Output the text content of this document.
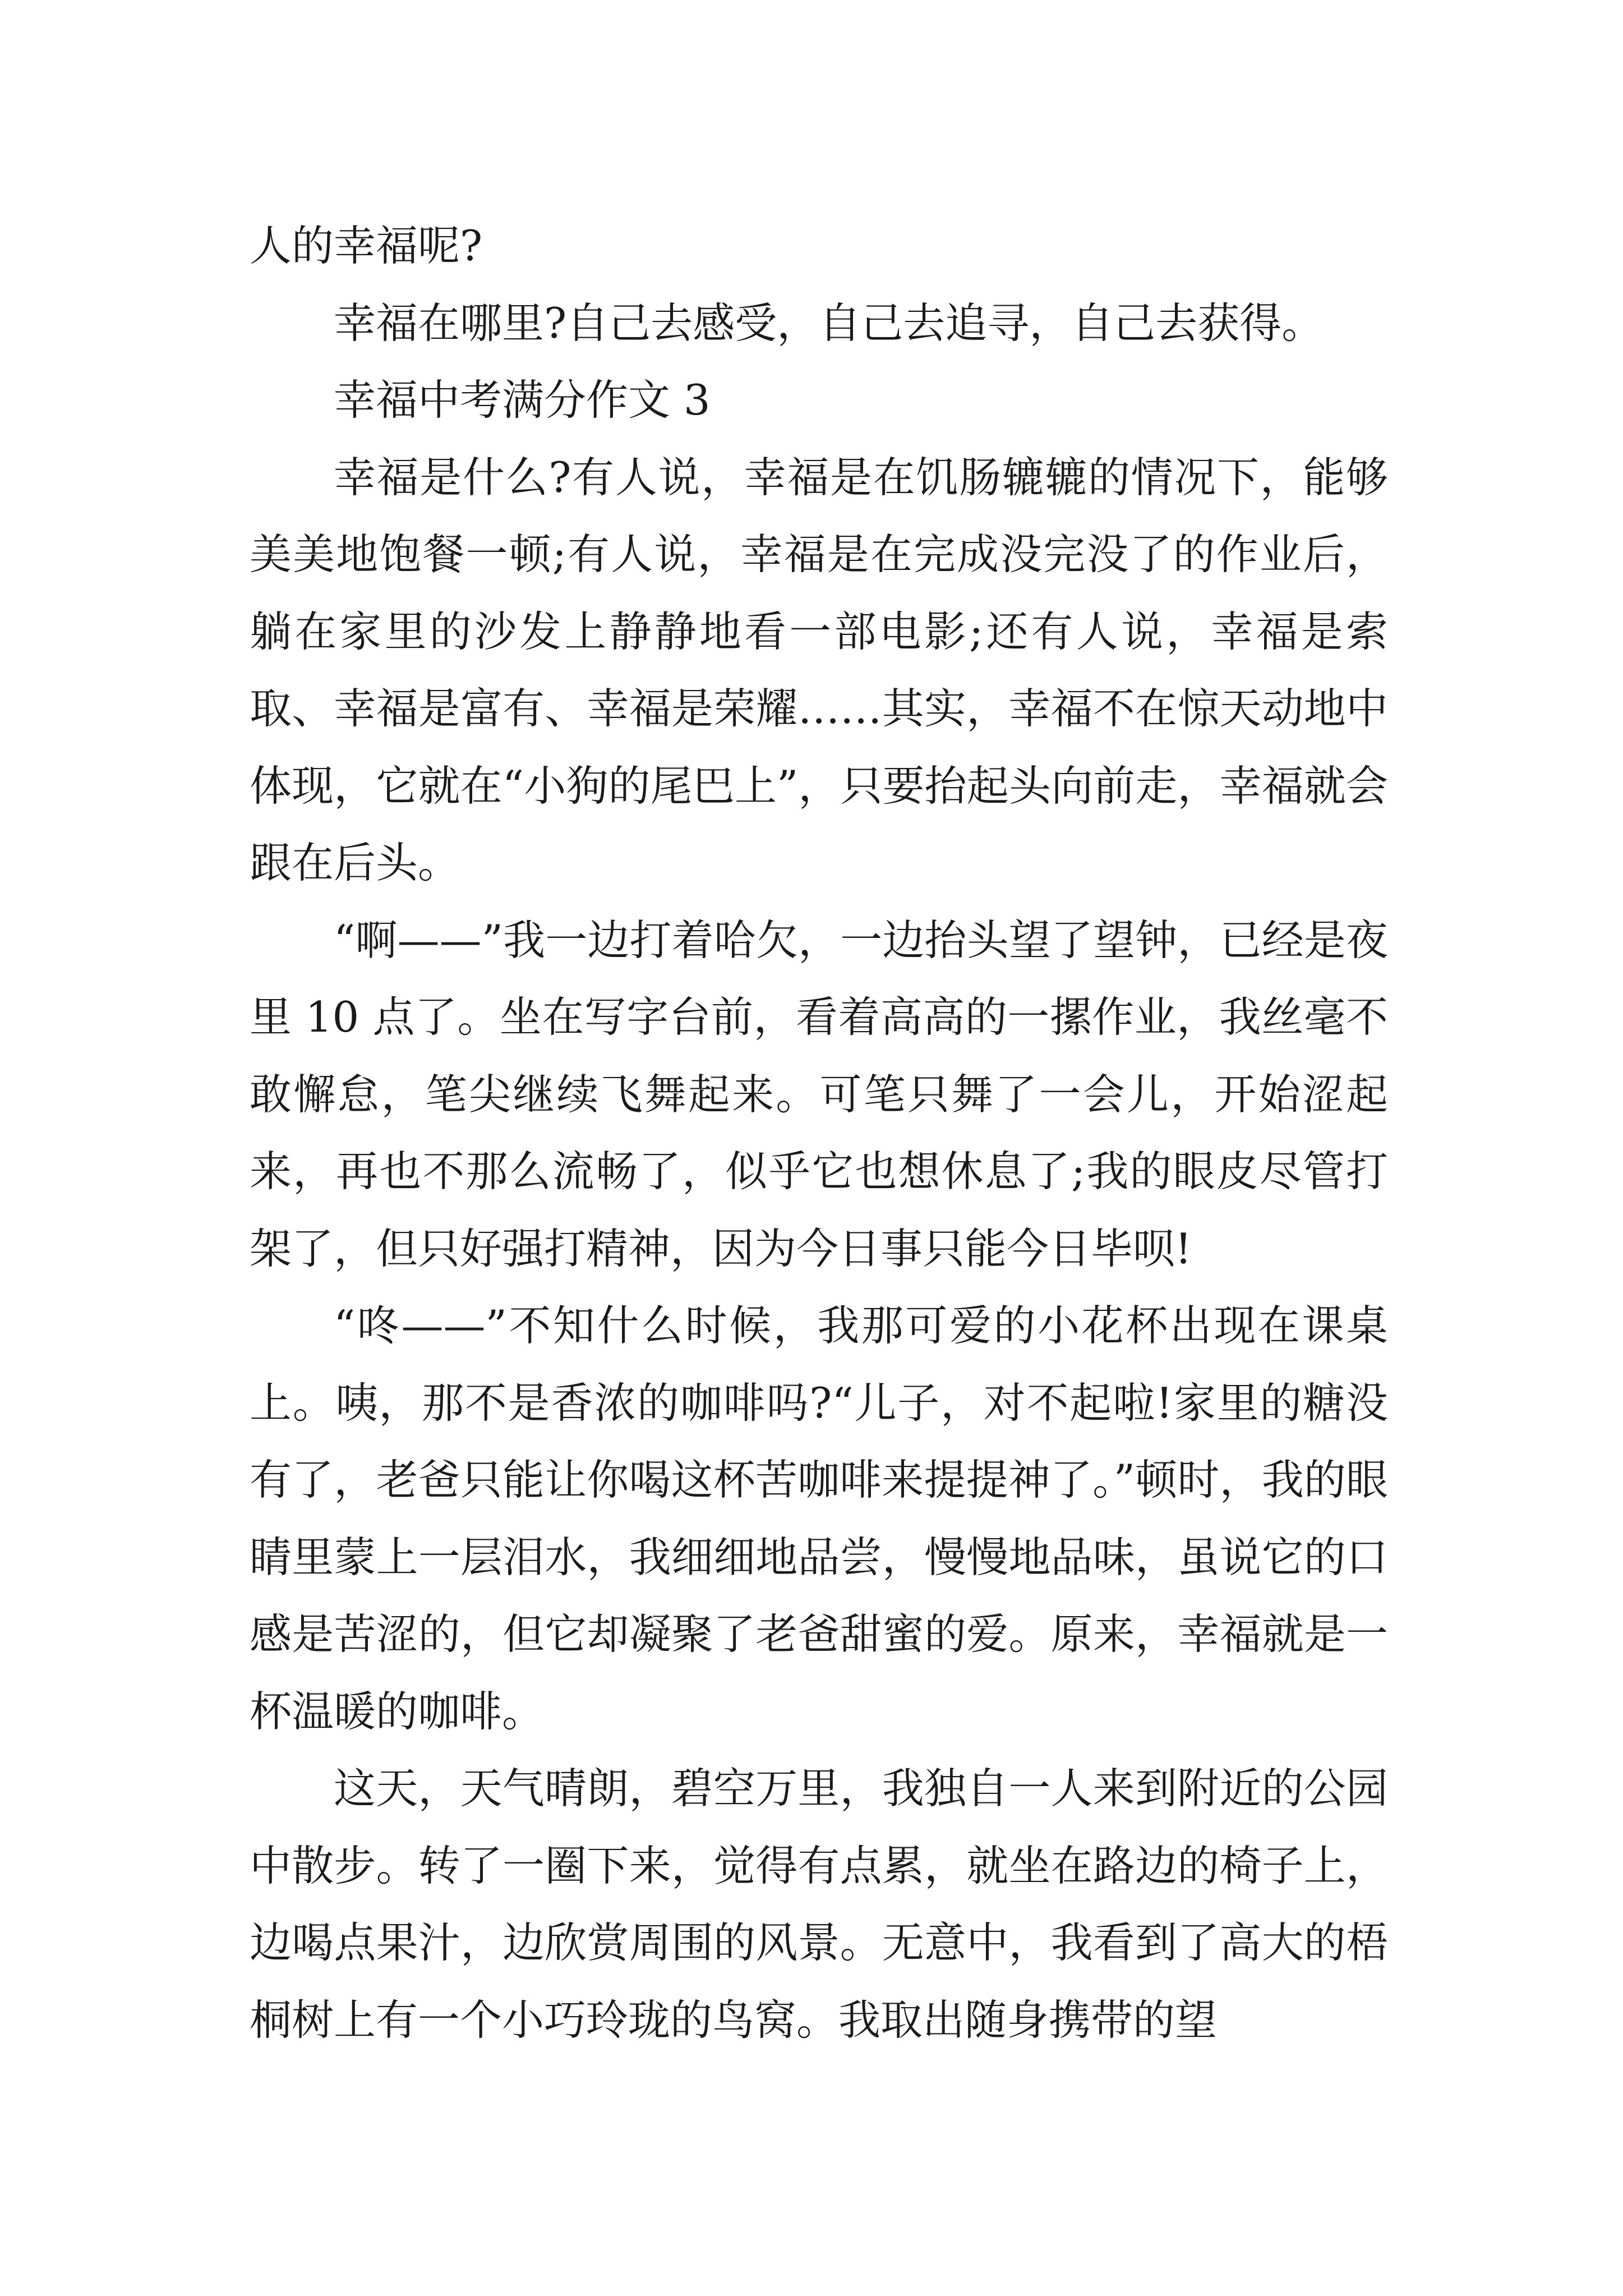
人的幸福呢?

幸福在哪里?自己去感受，自己去追寻，自己去获得。

幸福中考满分作文 3

幸福是什么?有人说，幸福是在饥肠辘辘的情况下，能够美美地饱餐一顿;有人说，幸福是在完成没完没了的作业后，躺在家里的沙发上静静地看一部电影;还有人说，幸福是索取、幸福是富有、幸福是荣耀……其实，幸福不在惊天动地中体现，它就在“小狗的尾巴上”，只要抬起头向前走，幸福就会跟在后头。

“啊——”我一边打着哈欠，一边抬头望了望钟，已经是夜里 10 点了。坐在写字台前，看着高高的一摞作业，我丝毫不敢懈怠，笔尖继续飞舞起来。可笔只舞了一会儿，开始涩起来，再也不那么流畅了，似乎它也想休息了;我的眼皮尽管打架了，但只好强打精神，因为今日事只能今日毕呗!

“咚——”不知什么时候，我那可爱的小花杯出现在课桌上。咦，那不是香浓的咖啡吗?“儿子，对不起啦!家里的糖没有了，老爸只能让你喝这杯苦咖啡来提提神了。”顿时，我的眼睛里蒙上一层泪水，我细细地品尝，慢慢地品味，虽说它的口感是苦涩的，但它却凝聚了老爸甜蜜的爱。原来，幸福就是一杯温暖的咖啡。

这天，天气晴朗，碧空万里，我独自一人来到附近的公园中散步。转了一圈下来，觉得有点累，就坐在路边的椅子上，边喝点果汁，边欣赏周围的风景。无意中，我看到了高大的梧桐树上有一个小巧玲珑的鸟窝。我取出随身携带的望
